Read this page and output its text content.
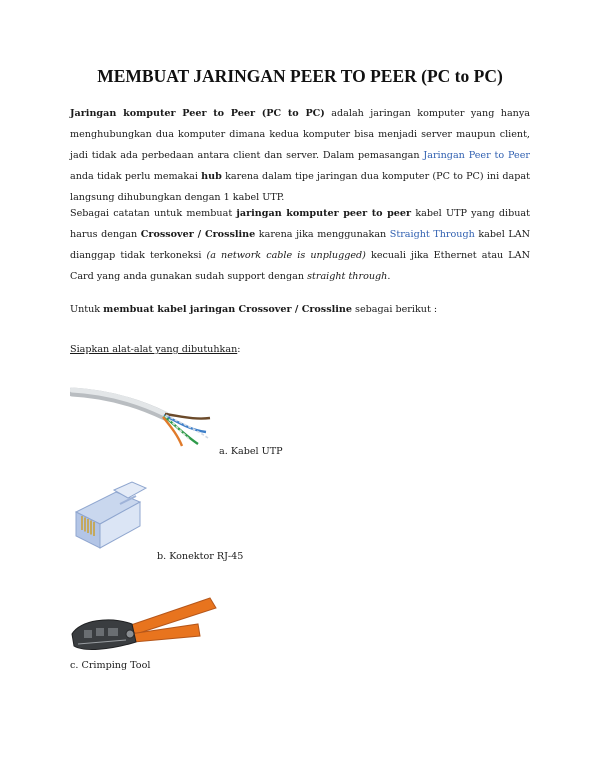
MEMBUAT JARINGAN PEER TO PEER (PC to PC)
Jaringan komputer Peer to Peer (PC to PC) adalah jaringan komputer yang hanya menghubungkan dua komputer dimana kedua komputer bisa menjadi server maupun client, jadi tidak ada perbedaan antara client dan server. Dalam pemasangan Jaringan Peer to Peer anda tidak perlu memakai hub karena dalam tipe jaringan dua komputer (PC to PC) ini dapat langsung dihubungkan dengan 1 kabel UTP.
Sebagai catatan untuk membuat jaringan komputer peer to peer kabel UTP yang dibuat harus dengan Crossover / Crossline karena jika menggunakan Straight Through kabel LAN dianggap tidak terkoneksi (a network cable is unplugged) kecuali jika Ethernet atau LAN Card yang anda gunakan sudah support dengan straight through.
Untuk membuat kabel jaringan Crossover / Crossline sebagai berikut :
Siapkan alat-alat yang dibutuhkan:
a. Kabel UTP
b. Konektor RJ-45
c. Crimping Tool
